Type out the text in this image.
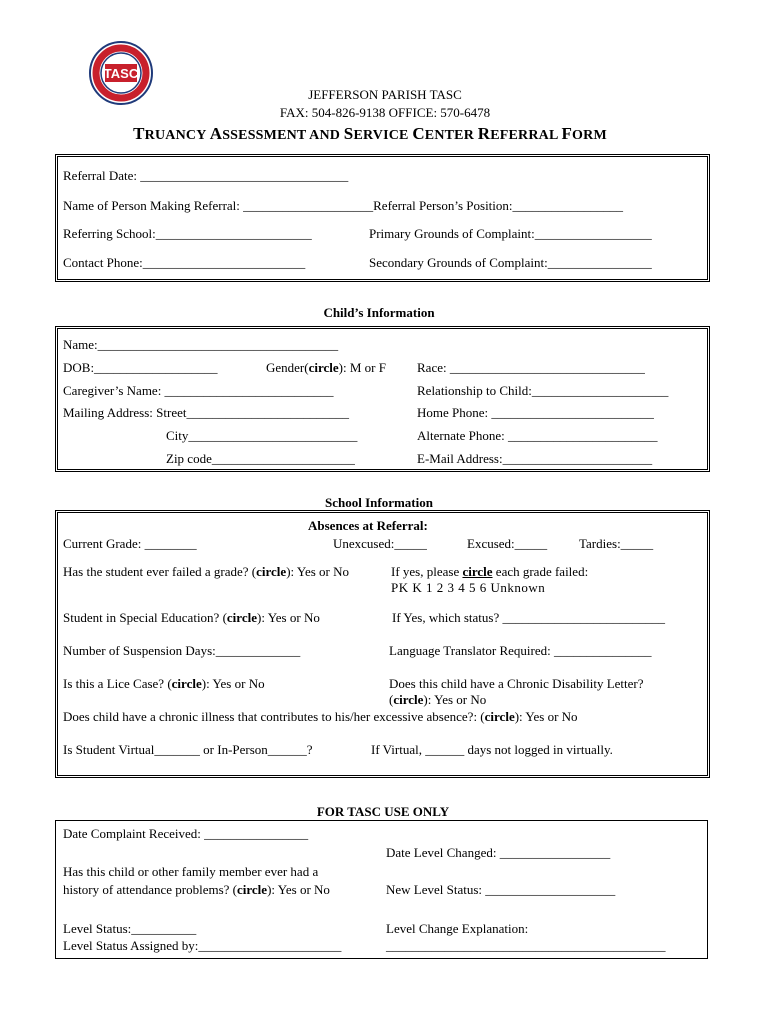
TASC
JEFFERSON PARISH TASC
FAX: 504-826-9138 OFFICE: 570-6478
TRUANCY ASSESSMENT AND SERVICE CENTER REFERRAL FORM
Referral Date: ________________________________
Name of Person Making Referral: ____________________Referral Person’s Position:_________________
Referring School:________________________	Primary Grounds of Complaint:__________________
Contact Phone:_________________________	Secondary Grounds of Complaint:________________
Child’s Information
Name:_____________________________________
DOB:___________________	Gender(circle): M or F Race: ______________________________
Caregiver’s Name: __________________________	Relationship to Child:_____________________
Mailing Address: Street_________________________	Home Phone: _________________________
City__________________________	Alternate Phone: _______________________
Zip code______________________	E-Mail Address:_______________________
School Information
Absences at Referral:
Current Grade: ________	Unexcused:_____	Excused:_____ Tardies:_____
Has the student ever failed a grade? (circle): Yes or No	If yes, please circle each grade failed:
PK K 1 2 3 4 5 6 Unknown
Student in Special Education? (circle): Yes or No	If Yes, which status? _________________________
Number of Suspension Days:_____________	Language Translator Required: _______________
Is this a Lice Case? (circle): Yes or No	Does this child have a Chronic Disability Letter?
(circle): Yes or No
Does child have a chronic illness that contributes to his/her excessive absence?: (circle): Yes or No
Is Student Virtual_______ or In-Person______?	If Virtual, ______ days not logged in virtually.
FOR TASC USE ONLY
Date Complaint Received: ________________
Date Level Changed: _________________
Has this child or other family member ever had a
history of attendance problems? (circle): Yes or No	New Level Status: ____________________
Level Status:__________	Level Change Explanation:
Level Status Assigned by:______________________	___________________________________________
